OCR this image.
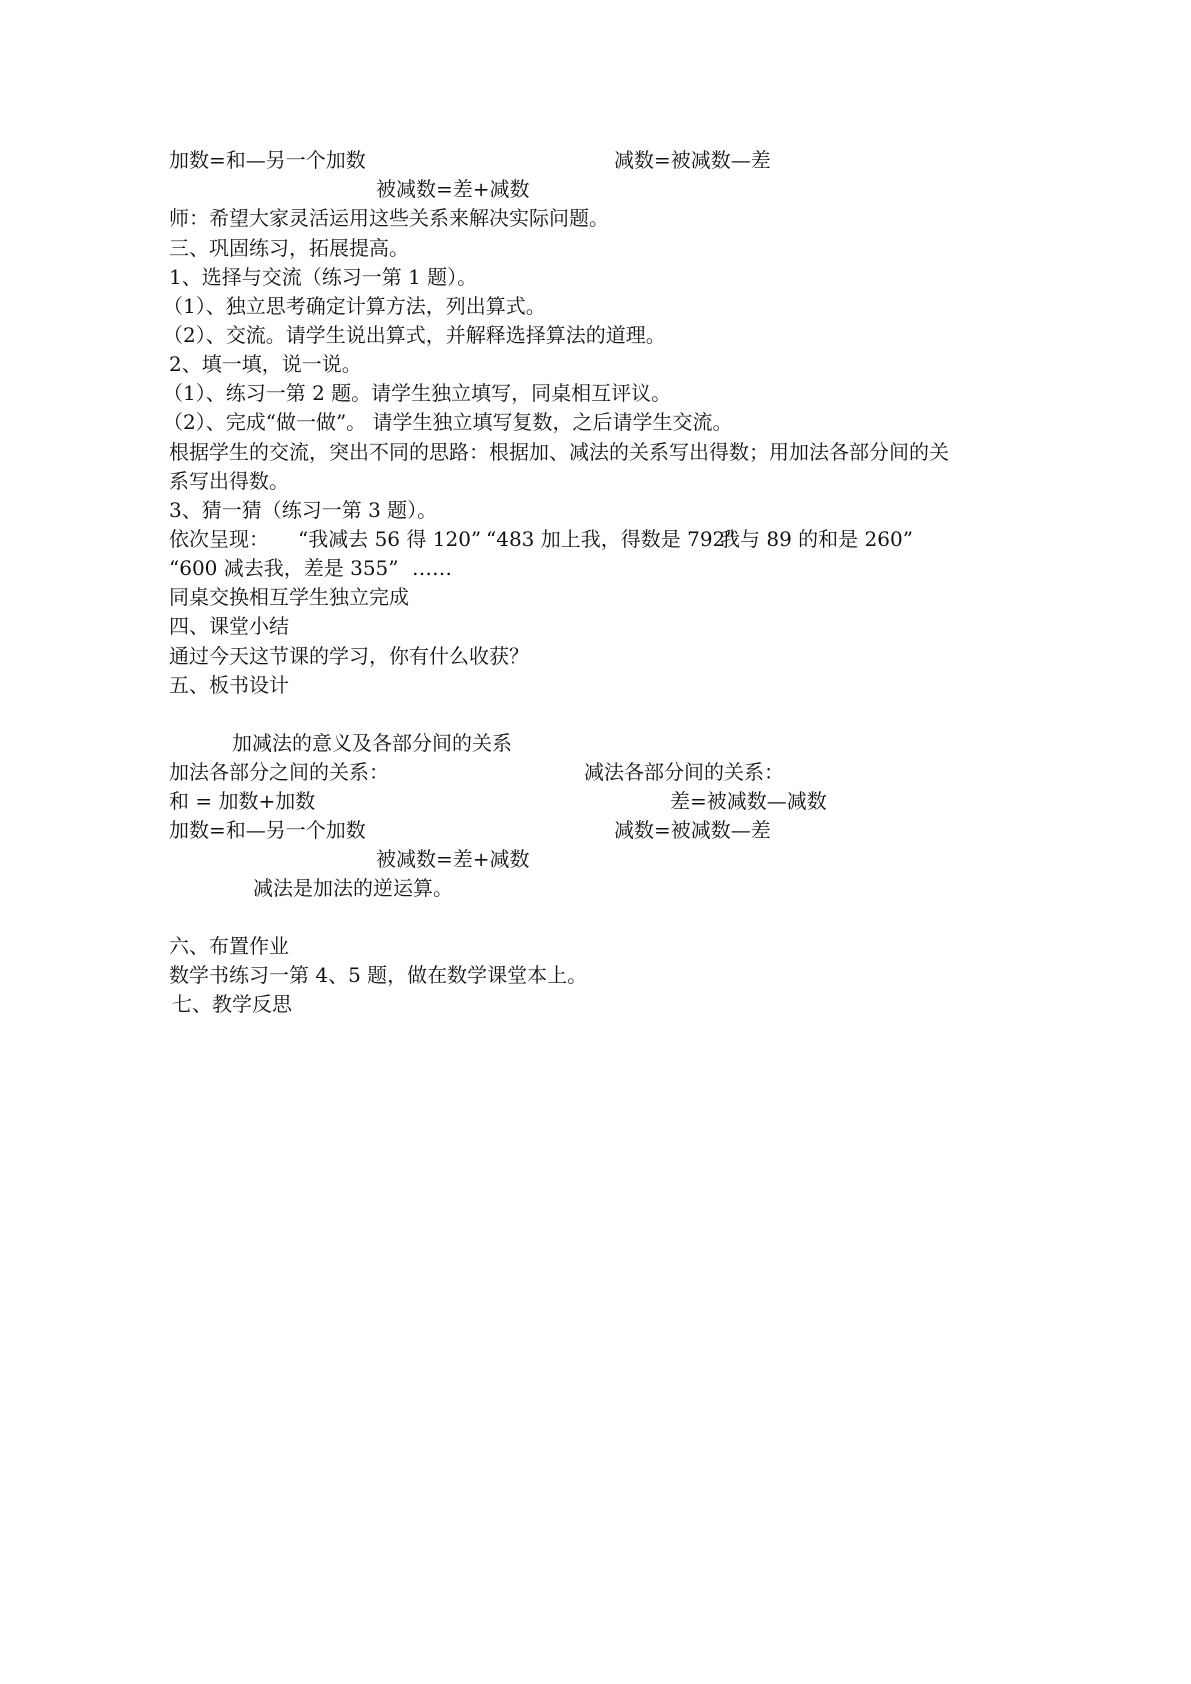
加数=和—另一个加数	减数=被减数—差
被减数=差+减数
师：希望大家灵活运用这些关系来解决实际问题。
三、巩固练习，拓展提高。
1、选择与交流（练习一第 1 题）。
（1）、独立思考确定计算方法，列出算式。
（2）、交流。请学生说出算式，并解释选择算法的道理。
2、填一填，说一说。
（1）、练习一第 2 题。请学生独立填写，同桌相互评议。
（2）、完成“做一做”。 请学生独立填写复数，之后请学生交流。
根据学生的交流，突出不同的思路：根据加、减法的关系写出得数；用加法各部分间的关
系写出得数。
3、猜一猜（练习一第 3 题）。
依次呈现： “我减去 56 得 120” “483 加上我，得数是 792”
我与 89 的和是 260”
“600 减去我，差是 355” ……
同桌交换相互学生独立完成
四、课堂小结
通过今天这节课的学习，你有什么收获？
五、板书设计
加减法的意义及各部分间的关系
加法各部分之间的关系：	减法各部分间的关系：
和 = 加数+加数	差=被减数—减数
加数=和—另一个加数	减数=被减数—差
被减数=差+减数
减法是加法的逆运算。
六、布置作业
数学书练习一第 4、5 题，做在数学课堂本上。
七、教学反思
